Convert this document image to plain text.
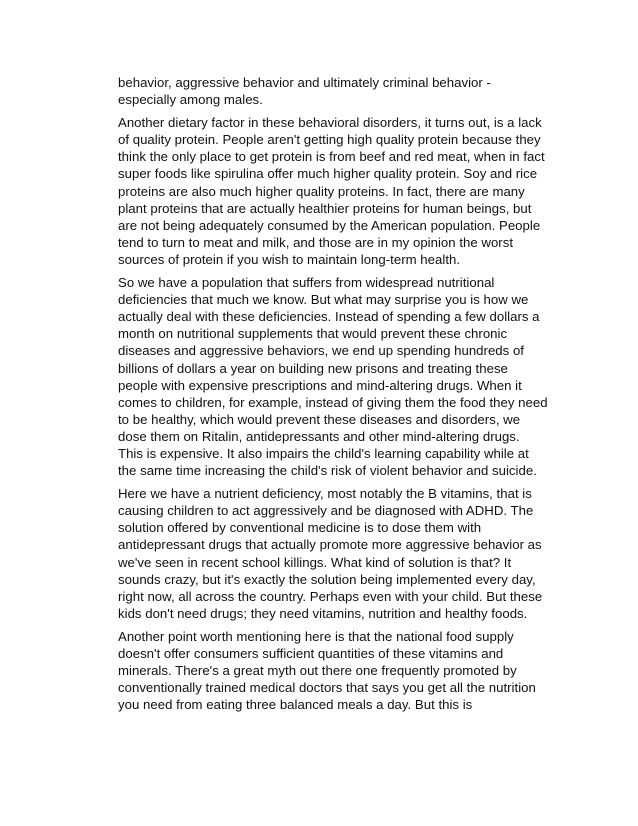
behavior, aggressive behavior and ultimately criminal behavior - especially among males.

Another dietary factor in these behavioral disorders, it turns out, is a lack of quality protein. People aren't getting high quality protein because they think the only place to get protein is from beef and red meat, when in fact super foods like spirulina offer much higher quality protein. Soy and rice proteins are also much higher quality proteins. In fact, there are many plant proteins that are actually healthier proteins for human beings, but are not being adequately consumed by the American population. People tend to turn to meat and milk, and those are in my opinion the worst sources of protein if you wish to maintain long-term health.

So we have a population that suffers from widespread nutritional deficiencies that much we know. But what may surprise you is how we actually deal with these deficiencies. Instead of spending a few dollars a month on nutritional supplements that would prevent these chronic diseases and aggressive behaviors, we end up spending hundreds of billions of dollars a year on building new prisons and treating these people with expensive prescriptions and mind-altering drugs. When it comes to children, for example, instead of giving them the food they need to be healthy, which would prevent these diseases and disorders, we dose them on Ritalin, antidepressants and other mind-altering drugs. This is expensive. It also impairs the child's learning capability while at the same time increasing the child's risk of violent behavior and suicide.

Here we have a nutrient deficiency, most notably the B vitamins, that is causing children to act aggressively and be diagnosed with ADHD. The solution offered by conventional medicine is to dose them with antidepressant drugs that actually promote more aggressive behavior as we've seen in recent school killings. What kind of solution is that? It sounds crazy, but it's exactly the solution being implemented every day, right now, all across the country. Perhaps even with your child. But these kids don't need drugs; they need vitamins, nutrition and healthy foods.

Another point worth mentioning here is that the national food supply doesn't offer consumers sufficient quantities of these vitamins and minerals. There's a great myth out there one frequently promoted by conventionally trained medical doctors that says you get all the nutrition you need from eating three balanced meals a day. But this is
